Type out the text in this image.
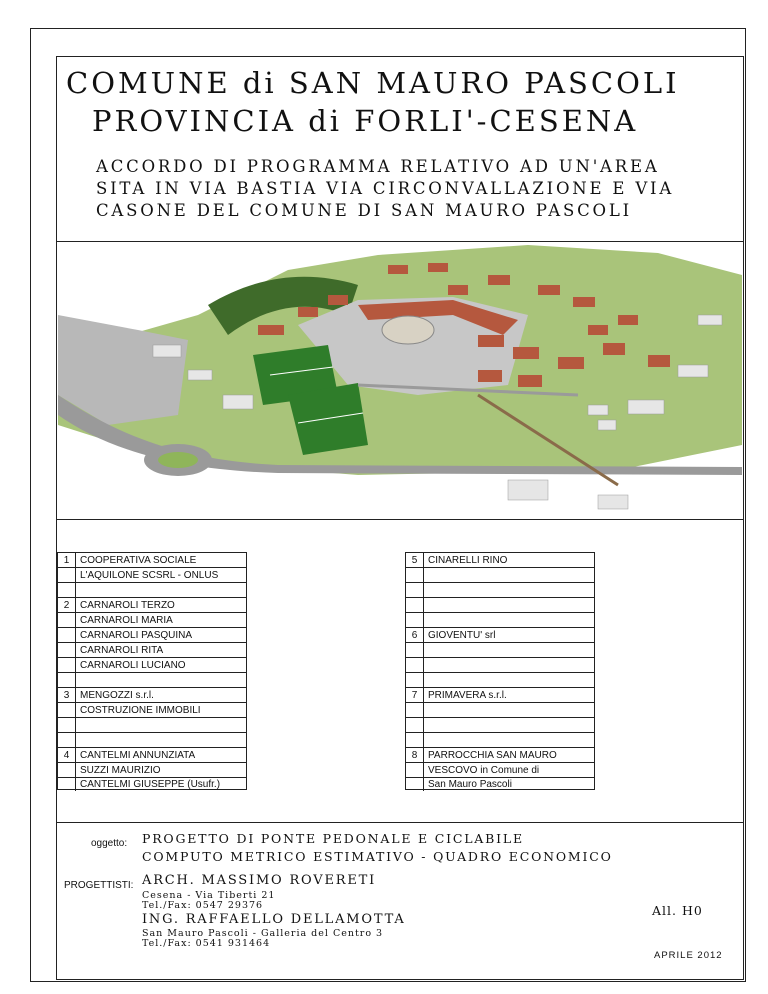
COMUNE di SAN MAURO PASCOLI
PROVINCIA di FORLI'-CESENA
ACCORDO DI PROGRAMMA RELATIVO AD UN'AREA
SITA IN VIA BASTIA VIA CIRCONVALLAZIONE E VIA
CASONE DEL COMUNE DI SAN MAURO PASCOLI
1	COOPERATIVA SOCIALE
L'AQUILONE SCSRL - ONLUS
2	CARNAROLI TERZO
CARNAROLI MARIA
CARNAROLI PASQUINA
CARNAROLI RITA
CARNAROLI LUCIANO
3	MENGOZZI s.r.l.
COSTRUZIONE IMMOBILI
4	CANTELMI ANNUNZIATA
SUZZI MAURIZIO
CANTELMI GIUSEPPE (Usufr.)
5	CINARELLI RINO
6	GIOVENTU' srl
7	PRIMAVERA s.r.l.
8	PARROCCHIA SAN MAURO
VESCOVO in Comune di
San Mauro Pascoli
oggetto: PROGETTO DI PONTE PEDONALE E CICLABILE
COMPUTO METRICO ESTIMATIVO - QUADRO ECONOMICO
PROGETTISTI: ARCH. MASSIMO ROVERETI
Cesena - Via Tiberti 21
Tel./Fax: 0547 29376
ING. RAFFAELLO DELLAMOTTA
San Mauro Pascoli - Galleria del Centro 3
Tel./Fax: 0541 931464
All. H0
APRILE 2012
